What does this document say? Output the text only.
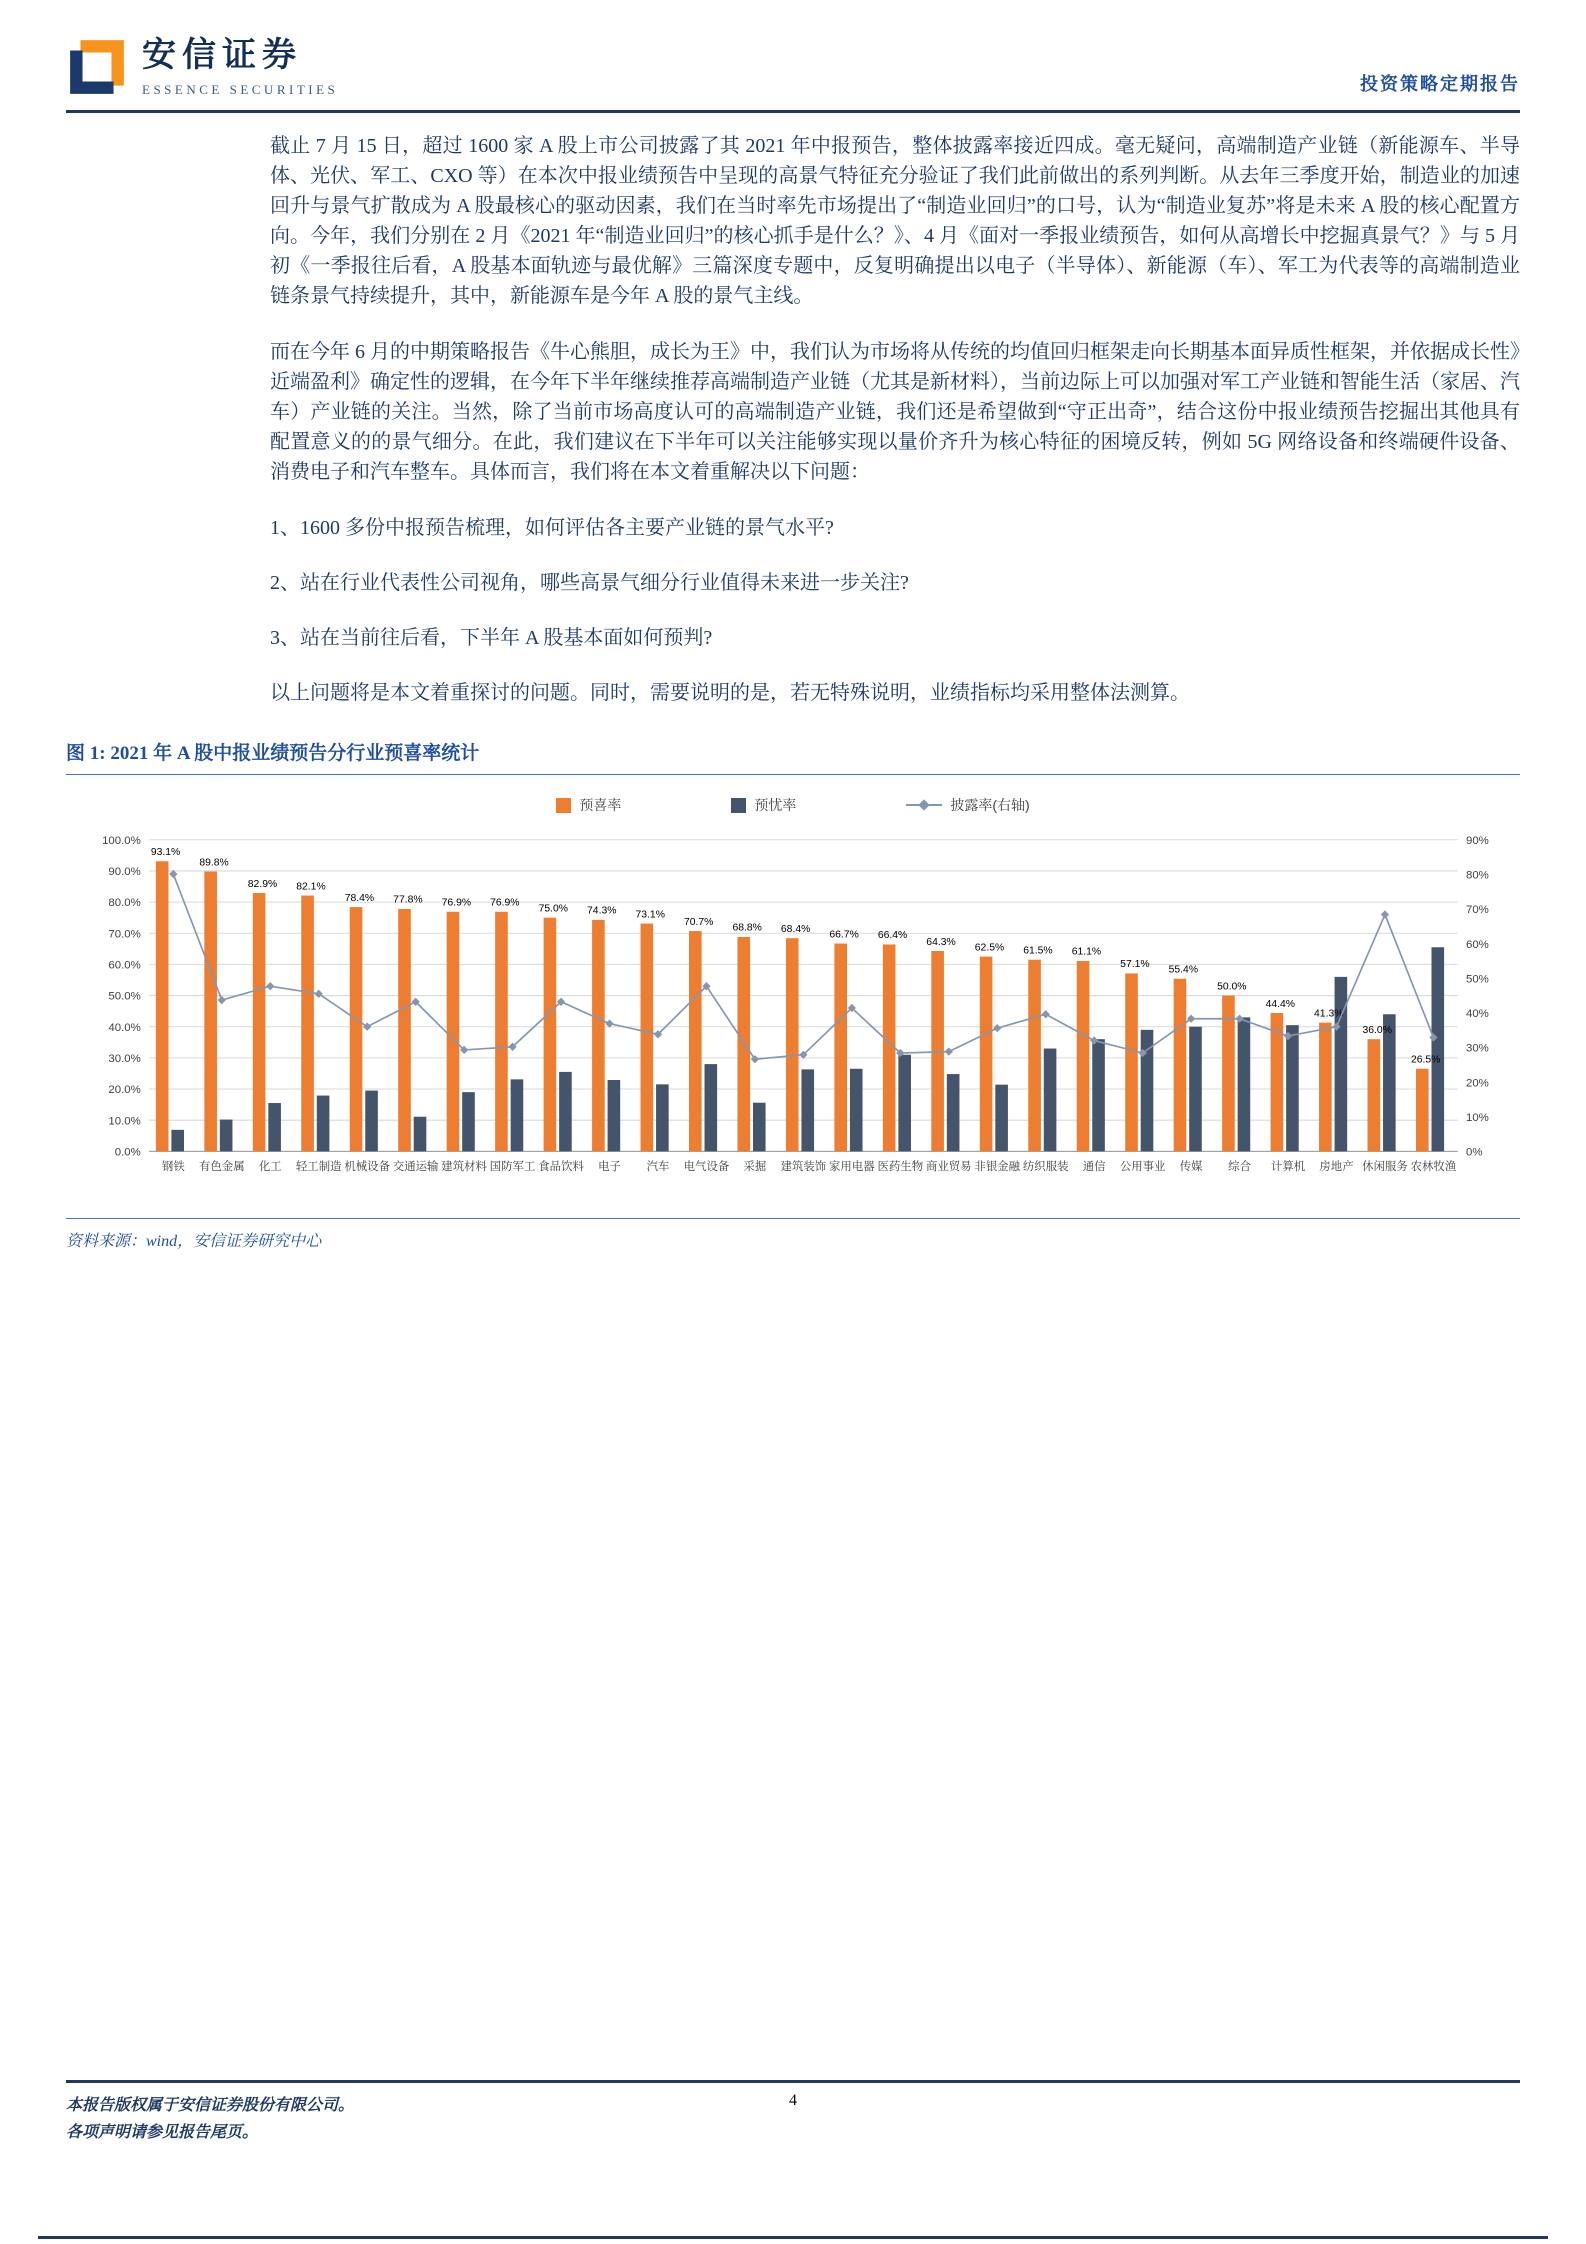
安信证券
ESSENCE SECURITIES	投资策略定期报告

截止 7 月 15 日，超过 1600 家 A 股上市公司披露了其 2021 年中报预告，整体披露率接近四成。毫无疑问，高端制造产业链（新能源车、半导体、光伏、军工、CXO 等）在本次中报业绩预告中呈现的高景气特征充分验证了我们此前做出的系列判断。从去年三季度开始，制造业的加速回升与景气扩散成为 A 股最核心的驱动因素，我们在当时率先市场提出了“制造业回归”的口号，认为“制造业复苏”将是未来 A 股的核心配置方向。今年，我们分别在 2 月《2021 年“制造业回归”的核心抓手是什么？》、4 月《面对一季报业绩预告，如何从高增长中挖掘真景气？》与 5 月初《一季报往后看，A 股基本面轨迹与最优解》三篇深度专题中，反复明确提出以电子（半导体）、新能源（车）、军工为代表等的高端制造业链条景气持续提升，其中，新能源车是今年 A 股的景气主线。

而在今年 6 月的中期策略报告《牛心熊胆，成长为王》中，我们认为市场将从传统的均值回归框架走向长期基本面异质性框架，并依据成长性》近端盈利》确定性的逻辑，在今年下半年继续推荐高端制造产业链（尤其是新材料），当前边际上可以加强对军工产业链和智能生活（家居、汽车）产业链的关注。当然，除了当前市场高度认可的高端制造产业链，我们还是希望做到“守正出奇”，结合这份中报业绩预告挖掘出其他具有配置意义的的景气细分。在此，我们建议在下半年可以关注能够实现以量价齐升为核心特征的困境反转，例如 5G 网络设备和终端硬件设备、消费电子和汽车整车。具体而言，我们将在本文着重解决以下问题：

1、1600 多份中报预告梳理，如何评估各主要产业链的景气水平?

2、站在行业代表性公司视角，哪些高景气细分行业值得未来进一步关注?

3、站在当前往后看，下半年 A 股基本面如何预判?

以上问题将是本文着重探讨的问题。同时，需要说明的是，若无特殊说明，业绩指标均采用整体法测算。

图 1: 2021 年 A 股中报业绩预告分行业预喜率统计
预喜率	预忧率	披露率(右轴)
0.0%
10.0%
20.0%
30.0%
40.0%
50.0%
60.0%
70.0%
80.0%
90.0%
100.0%
0%
10%
20%
30%
40%
50%
60%
70%
80%
90%
93.1%
钢铁
89.8%
有色金属
82.9%
化工
82.1%
轻工制造
78.4%
机械设备
77.8%
交通运输
76.9%
建筑材料
76.9%
国防军工
75.0%
食品饮料
74.3%
电子
73.1%
汽车
70.7%
电气设备
68.8%
采掘
68.4%
建筑装饰
66.7%
家用电器
66.4%
医药生物
64.3%
商业贸易
62.5%
非银金融
61.5%
纺织服装
61.1%
通信
57.1%
公用事业
55.4%
传媒
50.0%
综合
44.4%
计算机
41.3%
房地产
36.0%
休闲服务
26.5%
农林牧渔
资料来源：wind，安信证券研究中心
本报告版权属于安信证券股份有限公司。
各项声明请参见报告尾页。
4
